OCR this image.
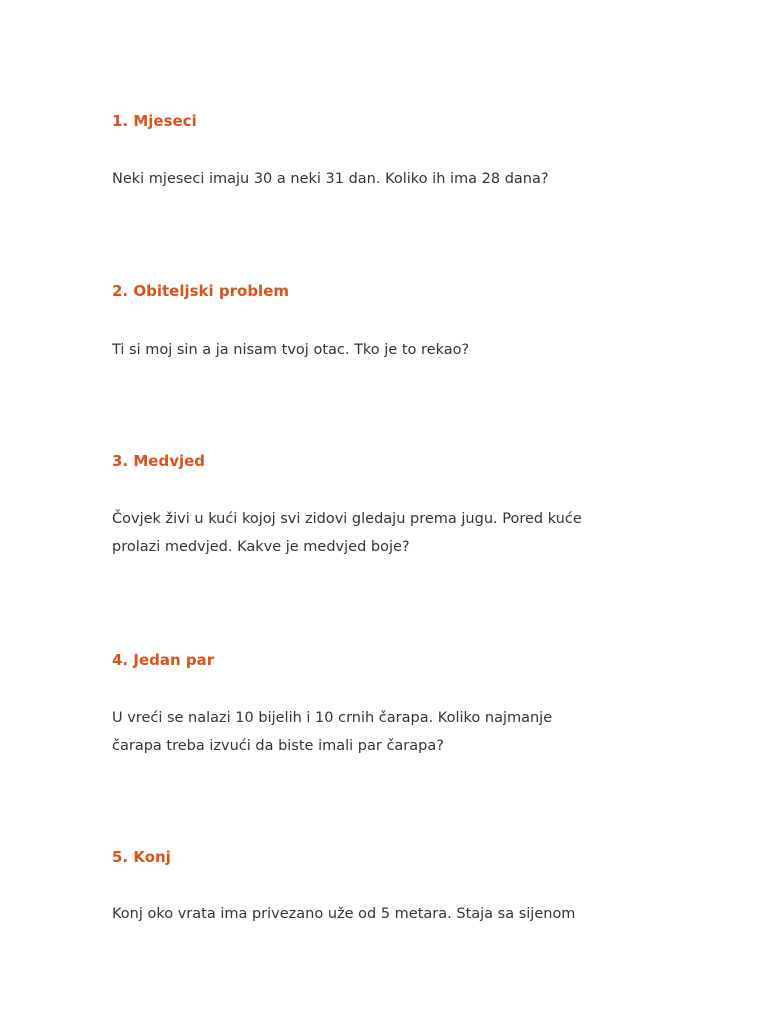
1. Mjeseci

Neki mjeseci imaju 30 a neki 31 dan. Koliko ih ima 28 dana?

2. Obiteljski problem

Ti si moj sin a ja nisam tvoj otac. Tko je to rekao?

3. Medvjed

Čovjek živi u kući kojoj svi zidovi gledaju prema jugu. Pored kuće
prolazi medvjed. Kakve je medvjed boje?

4. Jedan par

U vreći se nalazi 10 bijelih i 10 crnih čarapa. Koliko najmanje
čarapa treba izvući da biste imali par čarapa?

5. Konj

Konj oko vrata ima privezano uže od 5 metara. Staja sa sijenom
